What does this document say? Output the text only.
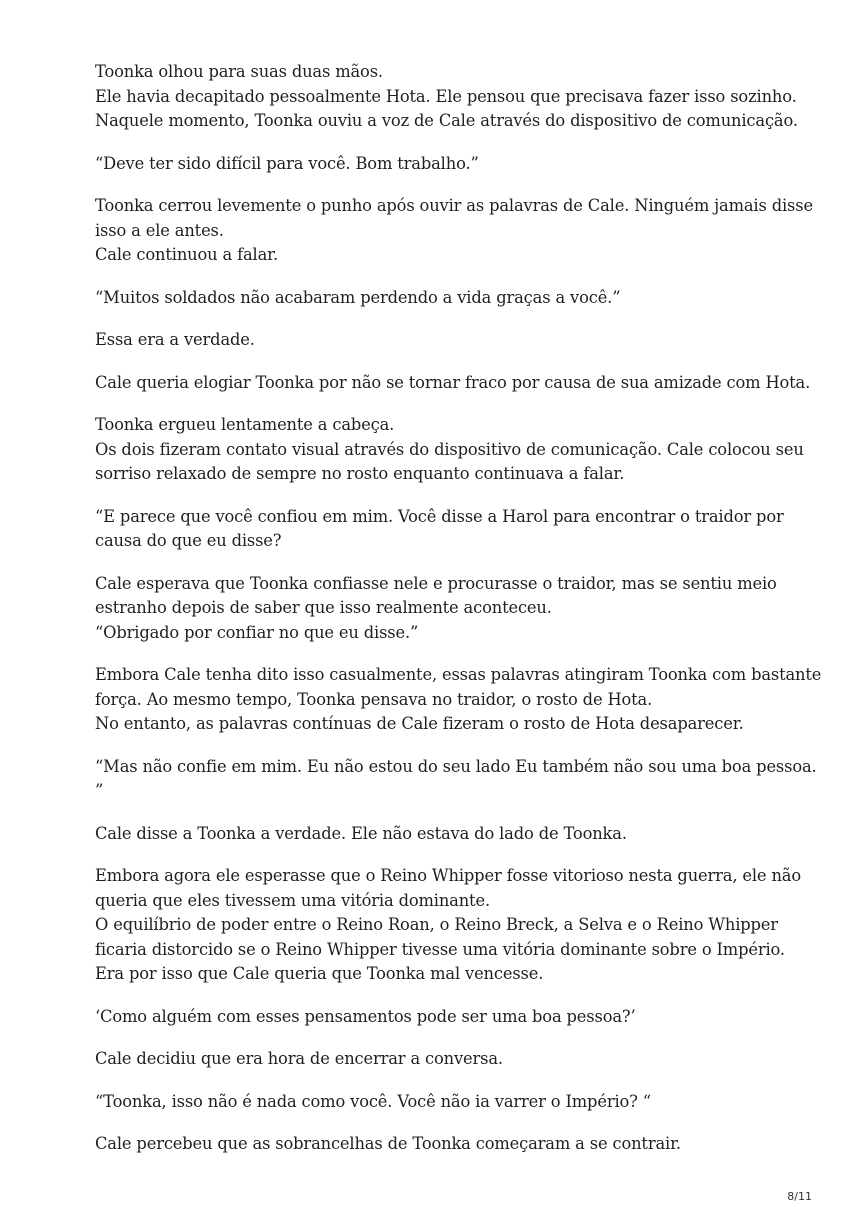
Toonka olhou para suas duas mãos.
Ele havia decapitado pessoalmente Hota. Ele pensou que precisava fazer isso sozinho.
Naquele momento, Toonka ouviu a voz de Cale através do dispositivo de comunicação.

“Deve ter sido difícil para você. Bom trabalho.”

Toonka cerrou levemente o punho após ouvir as palavras de Cale. Ninguém jamais disse
isso a ele antes.
Cale continuou a falar.

“Muitos soldados não acabaram perdendo a vida graças a você.”

Essa era a verdade.

Cale queria elogiar Toonka por não se tornar fraco por causa de sua amizade com Hota.

Toonka ergueu lentamente a cabeça.
Os dois fizeram contato visual através do dispositivo de comunicação. Cale colocou seu
sorriso relaxado de sempre no rosto enquanto continuava a falar.

“E parece que você confiou em mim. Você disse a Harol para encontrar o traidor por
causa do que eu disse?

Cale esperava que Toonka confiasse nele e procurasse o traidor, mas se sentiu meio
estranho depois de saber que isso realmente aconteceu.
“Obrigado por confiar no que eu disse.”

Embora Cale tenha dito isso casualmente, essas palavras atingiram Toonka com bastante
força. Ao mesmo tempo, Toonka pensava no traidor, o rosto de Hota.
No entanto, as palavras contínuas de Cale fizeram o rosto de Hota desaparecer.

“Mas não confie em mim. Eu não estou do seu lado Eu também não sou uma boa pessoa.
”

Cale disse a Toonka a verdade. Ele não estava do lado de Toonka.

Embora agora ele esperasse que o Reino Whipper fosse vitorioso nesta guerra, ele não
queria que eles tivessem uma vitória dominante.
O equilíbrio de poder entre o Reino Roan, o Reino Breck, a Selva e o Reino Whipper
ficaria distorcido se o Reino Whipper tivesse uma vitória dominante sobre o Império.
Era por isso que Cale queria que Toonka mal vencesse.

‘Como alguém com esses pensamentos pode ser uma boa pessoa?’

Cale decidiu que era hora de encerrar a conversa.

“Toonka, isso não é nada como você. Você não ia varrer o Império? “

Cale percebeu que as sobrancelhas de Toonka começaram a se contrair.

8/11
